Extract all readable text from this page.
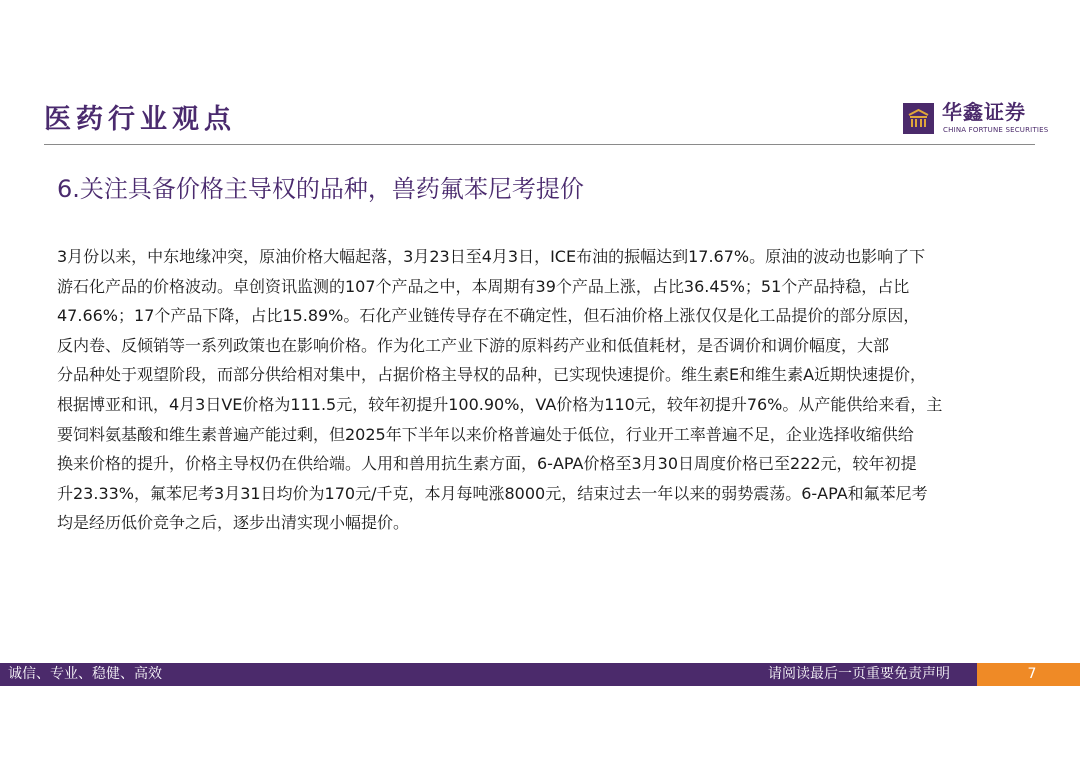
医药行业观点	华鑫证券
CHINA FORTUNE SECURITIES
6.关注具备价格主导权的品种，兽药氟苯尼考提价
3月份以来，中东地缘冲突，原油价格大幅起落，3月23日至4月3日，ICE布油的振幅达到17.67%。原油的波动也影响了下
游石化产品的价格波动。卓创资讯监测的107个产品之中，本周期有39个产品上涨，占比36.45%；51个产品持稳，占比
47.66%；17个产品下降，占比15.89%。石化产业链传导存在不确定性，但石油价格上涨仅仅是化工品提价的部分原因，
反内卷、反倾销等一系列政策也在影响价格。作为化工产业下游的原料药产业和低值耗材，是否调价和调价幅度，大部
分品种处于观望阶段，而部分供给相对集中，占据价格主导权的品种，已实现快速提价。维生素E和维生素A近期快速提价，
根据博亚和讯，4月3日VE价格为111.5元，较年初提升100.90%，VA价格为110元，较年初提升76%。从产能供给来看，主
要饲料氨基酸和维生素普遍产能过剩，但2025年下半年以来价格普遍处于低位，行业开工率普遍不足，企业选择收缩供给
换来价格的提升，价格主导权仍在供给端。人用和兽用抗生素方面，6-APA价格至3月30日周度价格已至222元，较年初提
升23.33%，氟苯尼考3月31日均价为170元/千克，本月每吨涨8000元，结束过去一年以来的弱势震荡。6-APA和氟苯尼考
均是经历低价竞争之后，逐步出清实现小幅提价。
诚信、专业、稳健、高效	请阅读最后一页重要免责声明	7
